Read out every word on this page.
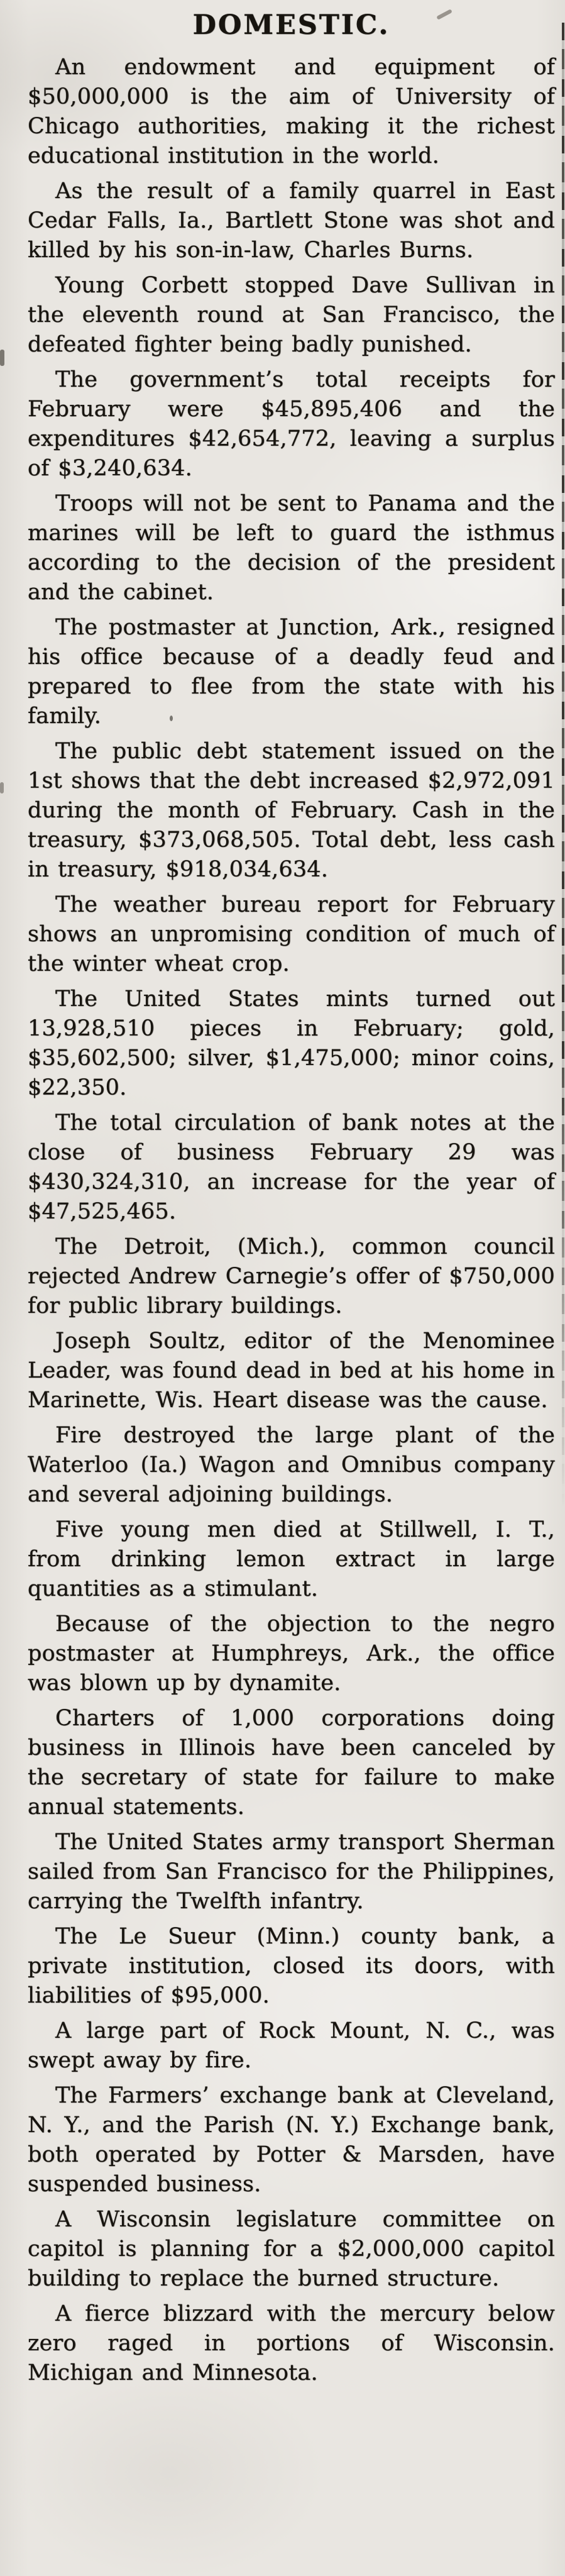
DOMESTIC.

An endowment and equipment of $50,000,000 is the aim of University of Chicago authorities, making it the richest educational institution in the world.

As the result of a family quarrel in East Cedar Falls, Ia., Bartlett Stone was shot and killed by his son-in-law, Charles Burns.

Young Corbett stopped Dave Sullivan in the eleventh round at San Francisco, the defeated fighter being badly punished.

The government’s total receipts for February were $45,895,406 and the expenditures $42,654,772, leaving a surplus of $3,240,634.

Troops will not be sent to Panama and the marines will be left to guard the isthmus according to the decision of the president and the cabinet.

The postmaster at Junction, Ark., resigned his office because of a deadly feud and prepared to flee from the state with his family.

The public debt statement issued on the 1st shows that the debt increased $2,972,091 during the month of February. Cash in the treasury, $373,068,505. Total debt, less cash in treasury, $918,034,634.

The weather bureau report for February shows an unpromising condition of much of the winter wheat crop.

The United States mints turned out 13,928,510 pieces in February; gold, $35,602,500; silver, $1,475,000; minor coins, $22,350.

The total circulation of bank notes at the close of business February 29 was $430,324,310, an increase for the year of $47,525,465.

The Detroit, (Mich.), common council rejected Andrew Carnegie’s offer of $750,000 for public library buildings.

Joseph Soultz, editor of the Menominee Leader, was found dead in bed at his home in Marinette, Wis. Heart disease was the cause.

Fire destroyed the large plant of the Waterloo (Ia.) Wagon and Omnibus company and several adjoining buildings.

Five young men died at Stillwell, I. T., from drinking lemon extract in large quantities as a stimulant.

Because of the objection to the negro postmaster at Humphreys, Ark., the office was blown up by dynamite.

Charters of 1,000 corporations doing business in Illinois have been canceled by the secretary of state for failure to make annual statements.

The United States army transport Sherman sailed from San Francisco for the Philippines, carrying the Twelfth infantry.

The Le Sueur (Minn.) county bank, a private institution, closed its doors, with liabilities of $95,000.

A large part of Rock Mount, N. C., was swept away by fire.

The Farmers’ exchange bank at Cleveland, N. Y., and the Parish (N. Y.) Exchange bank, both operated by Potter & Marsden, have suspended business.

A Wisconsin legislature committee on capitol is planning for a $2,000,000 capitol building to replace the burned structure.

A fierce blizzard with the mercury below zero raged in portions of Wisconsin. Michigan and Minnesota.
